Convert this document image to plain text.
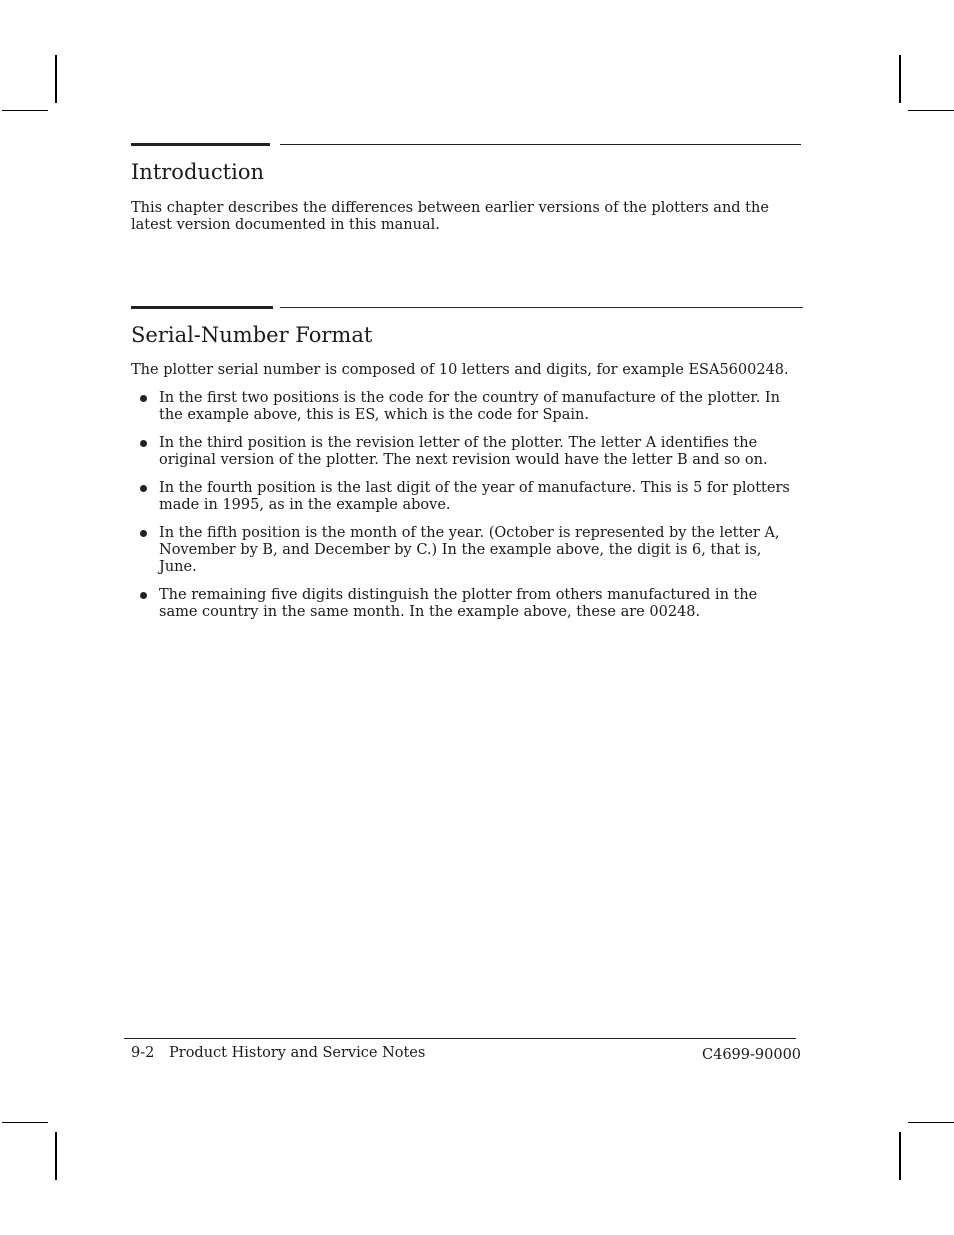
Introduction

This chapter describes the differences between earlier versions of the plotters and the latest version documented in this manual.

Serial-Number Format

The plotter serial number is composed of 10 letters and digits, for example ESA5600248.

In the first two positions is the code for the country of manufacture of the plotter. In the example above, this is ES, which is the code for Spain.
In the third position is the revision letter of the plotter. The letter A identifies the original version of the plotter. The next revision would have the letter B and so on.
In the fourth position is the last digit of the year of manufacture. This is 5 for plotters made in 1995, as in the example above.
In the fifth position is the month of the year. (October is represented by the letter A, November by B, and December by C.) In the example above, the digit is 6, that is, June.
The remaining five digits distinguish the plotter from others manufactured in the same country in the same month. In the example above, these are 00248.
9-2 Product History and Service Notes	C4699-90000
